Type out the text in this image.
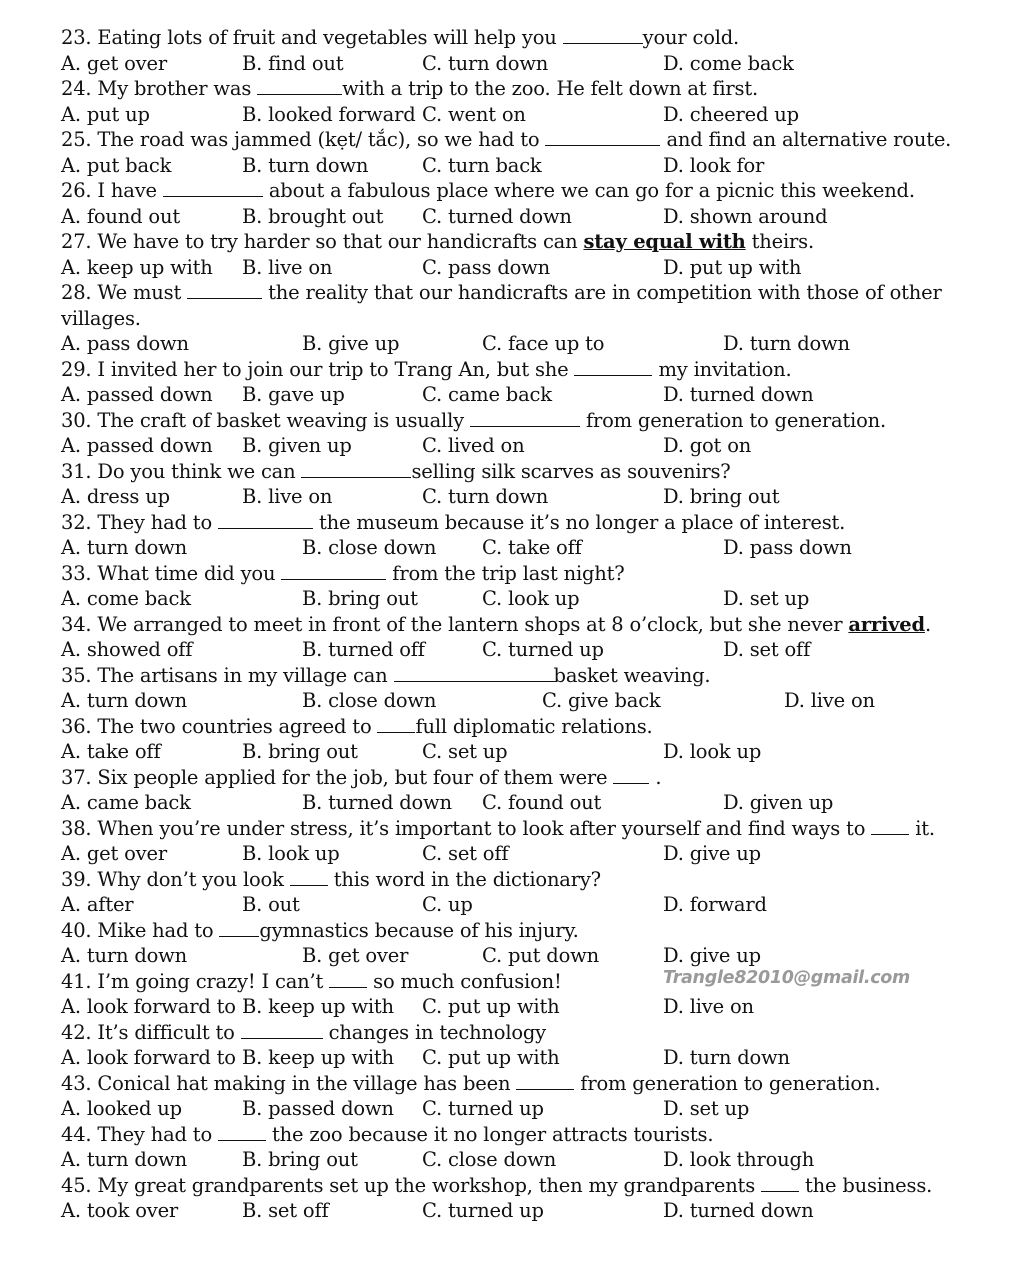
23. Eating lots of fruit and vegetables will help you	your cold.
A. get over	B. find out	C. turn down	D. come back
24. My brother was	with a trip to the zoo. He felt down at first.
A. put up	B. looked forward C. went on	D. cheered up
25. The road was jammed (kẹt/ tắc), so we had to	and find an alternative route.
A. put back	B. turn down	C. turn back	D. look for
26. I have	about a fabulous place where we can go for a picnic this weekend.
A. found out	B. brought out C. turned down	D. shown around
27. We have to try harder so that our handicrafts can stay equal with theirs.
A. keep up with B. live on	C. pass down	D. put up with
28. We must	the reality that our handicrafts are in competition with those of other villages.
A. pass down	B. give up	C. face up to	D. turn down
29. I invited her to join our trip to Trang An, but she	my invitation.
A. passed down B. gave up	C. came back	D. turned down
30. The craft of basket weaving is usually	from generation to generation.
A. passed down B. given up	C. lived on	D. got on
31. Do you think we can	selling silk scarves as souvenirs?
A. dress up	B. live on	C. turn down	D. bring out
32. They had to	the museum because it’s no longer a place of interest.
A. turn down	B. close down C. take off	D. pass down
33. What time did you	from the trip last night?
A. come back	B. bring out	C. look up	D. set up
34. We arranged to meet in front of the lantern shops at 8 o’clock, but she never arrived.
A. showed off	B. turned off	C. turned up	D. set off
35. The artisans in my village can	basket weaving.
A. turn down	B. close down	C. give back	D. live on
36. The two countries agreed to full diplomatic relations.
A. take off	B. bring out	C. set up	D. look up
37. Six people applied for the job, but four of them were  .
A. came back	B. turned down C. found out	D. given up
38. When you’re under stress, it’s important to look after yourself and find ways to  it.
A. get over	B. look up	C. set off	D. give up
39. Why don’t you look  this word in the dictionary?
A. after	B. out	C. up	D. forward
40. Mike had to gymnastics because of his injury.
A. turn down	B. get over	C. put down	D. give up
41. I’m going crazy! I can’t  so much confusion!
A. look forward to B. keep up with C. put up with	D. live on
42. It’s difficult to	changes in technology
A. look forward to B. keep up with C. put up with	D. turn down
43. Conical hat making in the village has been	from generation to generation.
A. looked up	B. passed down C. turned up	D. set up
44. They had to  the zoo because it no longer attracts tourists.
A. turn down	B. bring out	C. close down	D. look through
45. My great grandparents set up the workshop, then my grandparents  the business.
A. took over	B. set off	C. turned up	D. turned down
Trangle82010@gmail.com
